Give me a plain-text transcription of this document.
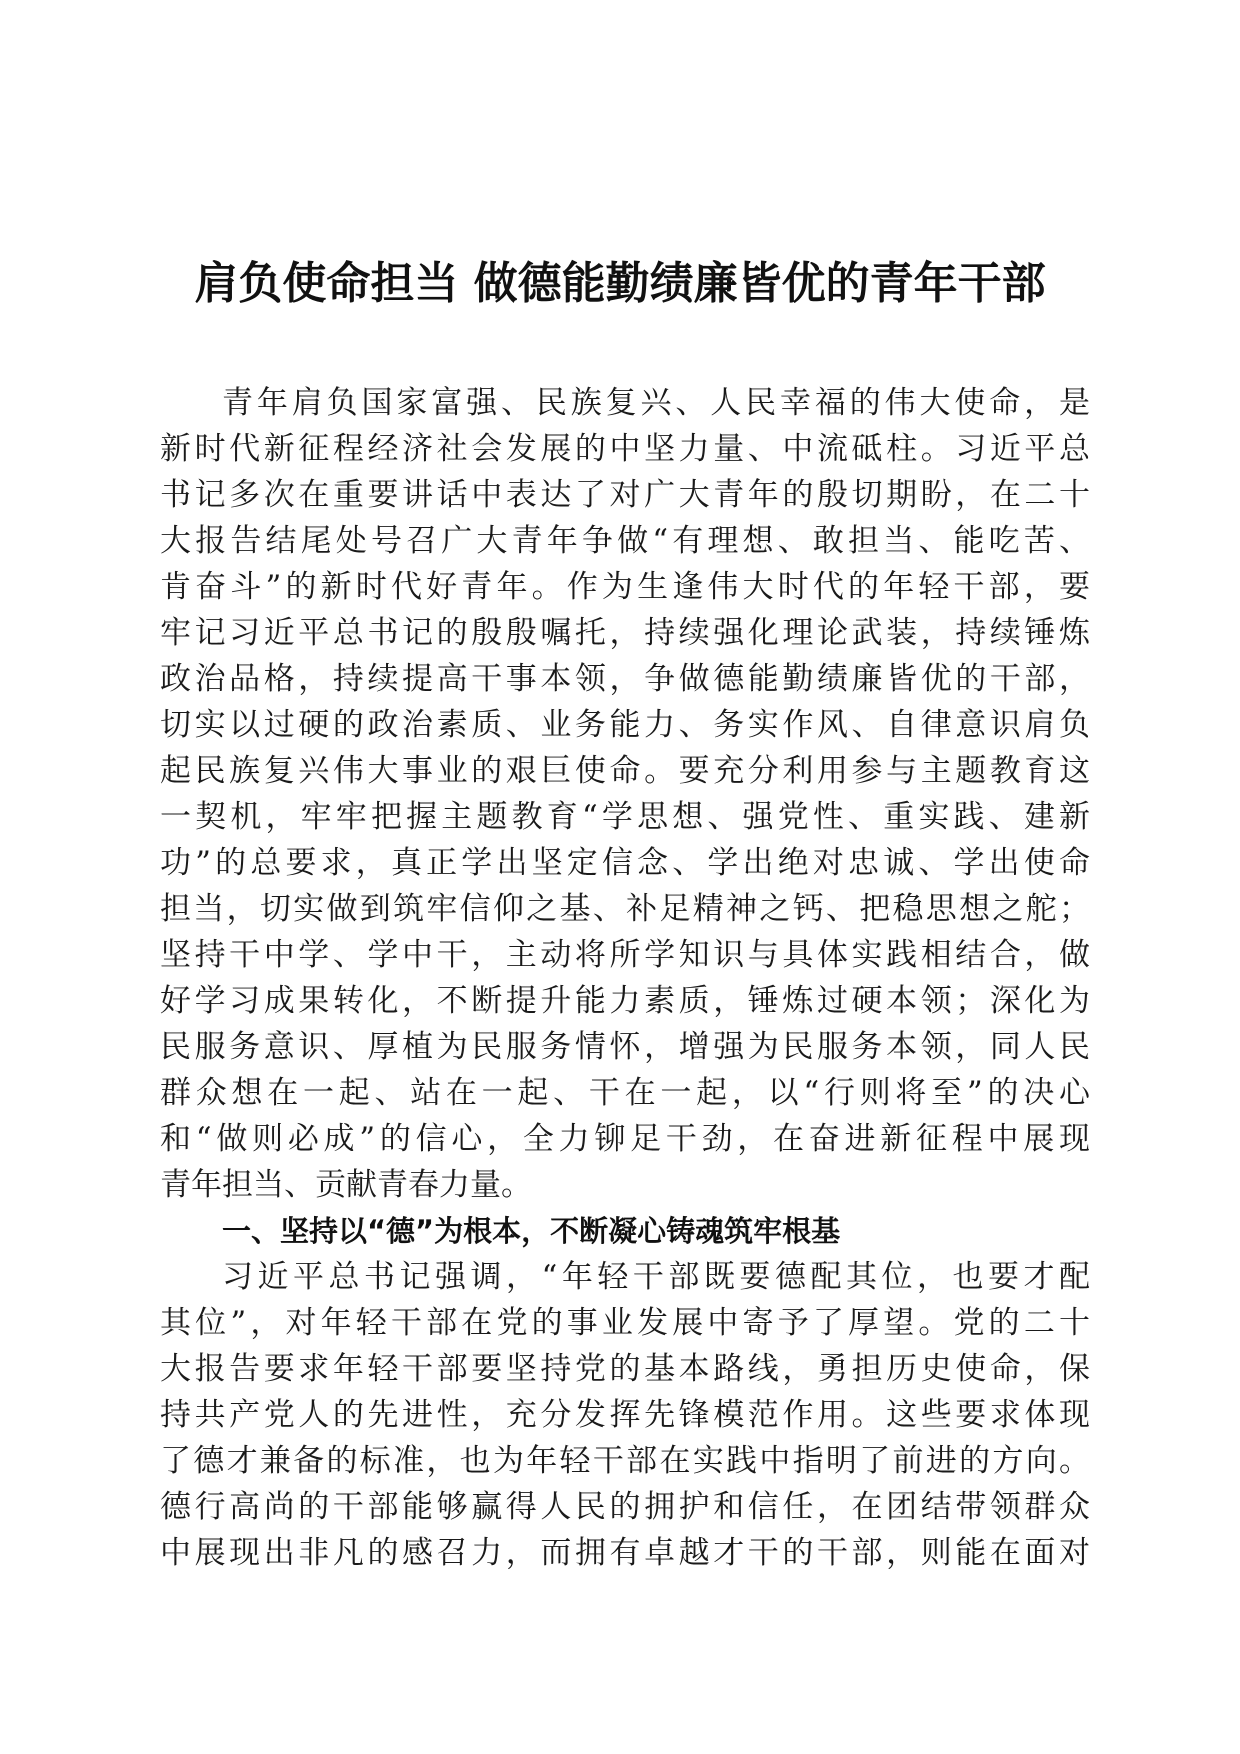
肩负使命担当 做德能勤绩廉皆优的青年干部
青年肩负国家富强、民族复兴、人民幸福的伟大使命，是
新时代新征程经济社会发展的中坚力量、中流砥柱。习近平总
书记多次在重要讲话中表达了对广大青年的殷切期盼，在二十
大报告结尾处号召广大青年争做“有理想、敢担当、能吃苦、
肯奋斗”的新时代好青年。作为生逢伟大时代的年轻干部，要
牢记习近平总书记的殷殷嘱托，持续强化理论武装，持续锤炼
政治品格，持续提高干事本领，争做德能勤绩廉皆优的干部，
切实以过硬的政治素质、业务能力、务实作风、自律意识肩负
起民族复兴伟大事业的艰巨使命。要充分利用参与主题教育这
一契机，牢牢把握主题教育“学思想、强党性、重实践、建新
功”的总要求，真正学出坚定信念、学出绝对忠诚、学出使命
担当，切实做到筑牢信仰之基、补足精神之钙、把稳思想之舵；
坚持干中学、学中干，主动将所学知识与具体实践相结合，做
好学习成果转化，不断提升能力素质，锤炼过硬本领；深化为
民服务意识、厚植为民服务情怀，增强为民服务本领，同人民
群众想在一起、站在一起、干在一起，以“行则将至”的决心
和“做则必成”的信心，全力铆足干劲，在奋进新征程中展现
青年担当、贡献青春力量。
一、坚持以“德”为根本，不断凝心铸魂筑牢根基
习近平总书记强调，“年轻干部既要德配其位，也要才配
其位”，对年轻干部在党的事业发展中寄予了厚望。党的二十
大报告要求年轻干部要坚持党的基本路线，勇担历史使命，保
持共产党人的先进性，充分发挥先锋模范作用。这些要求体现
了德才兼备的标准，也为年轻干部在实践中指明了前进的方向。
德行高尚的干部能够赢得人民的拥护和信任，在团结带领群众
中展现出非凡的感召力，而拥有卓越才干的干部，则能在面对
